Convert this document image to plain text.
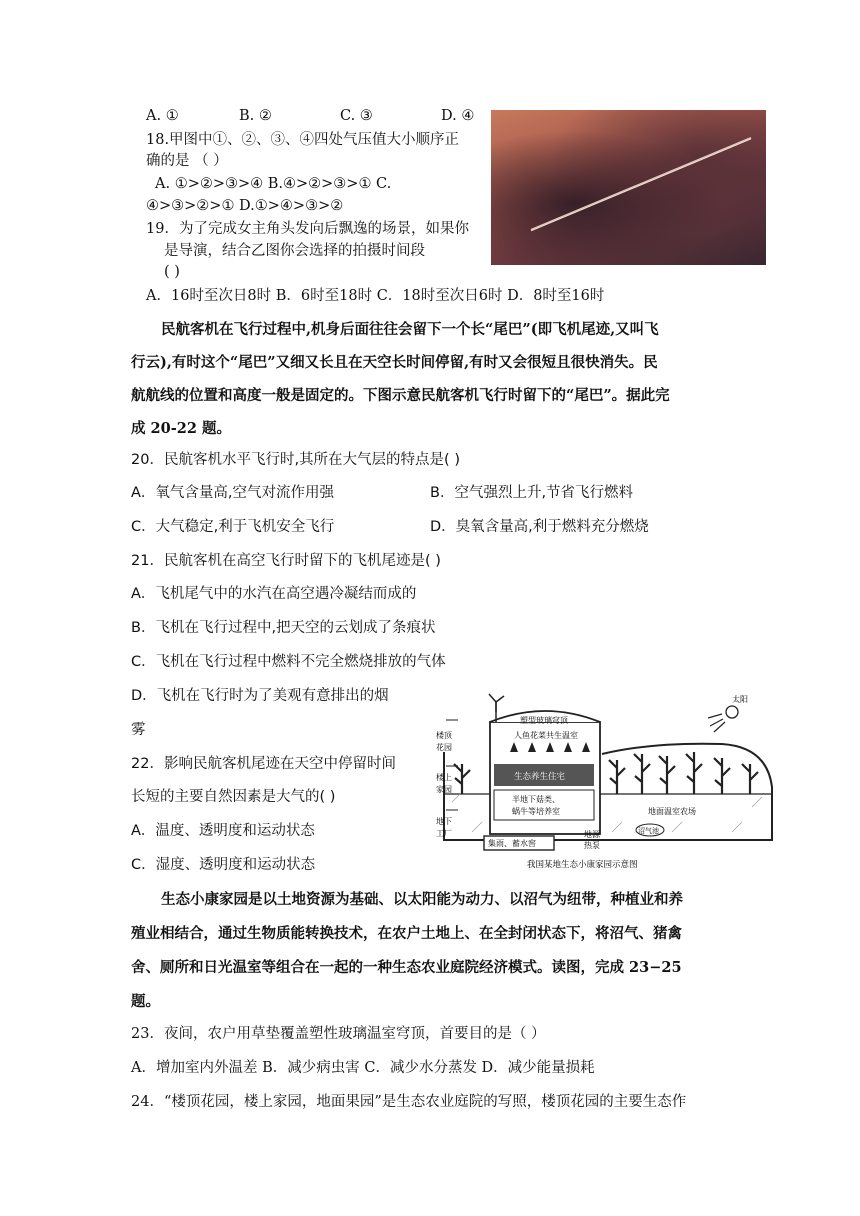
A. ①	B. ②	C. ③	D. ④
18.甲图中①、②、③、④四处气压值大小顺序正
确的是 （ ）
A. ①>②>③>④ B.④>②>③>① C.
④>③>②>① D.①>④>③>②
19．为了完成女主角头发向后飘逸的场景，如果你
是导演，结合乙图你会选择的拍摄时间段
( )
A．16时至次日8时 B．6时至18时 C．18时至次日6时 D．8时至16时
民航客机在飞行过程中,机身后面往往会留下一个长“尾巴”(即飞机尾迹,又叫飞
行云),有时这个“尾巴”又细又长且在天空长时间停留,有时又会很短且很快消失。民
航航线的位置和高度一般是固定的。下图示意民航客机飞行时留下的“尾巴”。据此完
成 20-22 题。
20．民航客机水平飞行时,其所在大气层的特点是( )
A．氧气含量高,空气对流作用强	B．空气强烈上升,节省飞行燃料
C．大气稳定,利于飞机安全飞行	D．臭氧含量高,利于燃料充分燃烧
21．民航客机在高空飞行时留下的飞机尾迹是( )
A．飞机尾气中的水汽在高空遇冷凝结而成的
B．飞机在飞行过程中,把天空的云划成了条痕状
C．飞机在飞行过程中燃料不完全燃烧排放的气体
D．飞机在飞行时为了美观有意排出的烟
雾
22．影响民航客机尾迹在天空中停留时间
长短的主要自然因素是大气的( )
A．温度、透明度和运动状态
C．湿度、透明度和运动状态
太阳
塑型玻璃穹顶
人鱼花菜共生温室
楼顶
花园
楼上
家园
地下
工厂
生态养生住宅
半地下菇类、
蜗牛等培养室	地面温室农场
集雨、蓄水窖
地源
热泵
沼气池
我国某地生态小康家园示意图
生态小康家园是以土地资源为基础、以太阳能为动力、以沼气为纽带，种植业和养
殖业相结合，通过生物质能转换技术，在农户土地上、在全封闭状态下，将沼气、猪禽
舍、厕所和日光温室等组合在一起的一种生态农业庭院经济模式。读图，完成 23−25
题。
23．夜间，农户用草垫覆盖塑性玻璃温室穹顶，首要目的是（ ）
A．增加室内外温差 B．减少病虫害 C．减少水分蒸发 D．减少能量损耗
24．“楼顶花园，楼上家园，地面果园”是生态农业庭院的写照，楼顶花园的主要生态作
